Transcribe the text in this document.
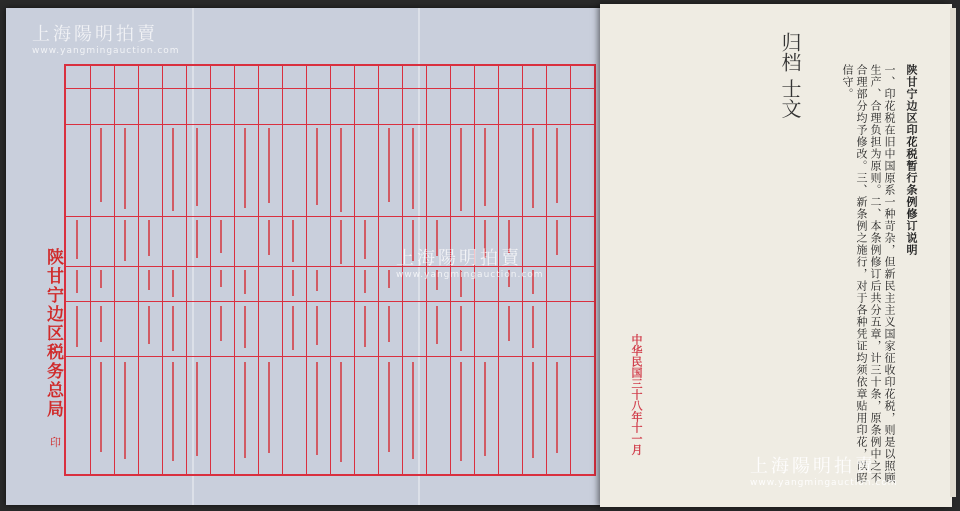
陕甘宁边区税务总局
印
上海陽明拍賣
www.yangmingauction.com
上海陽明拍賣
www.yangmingauction.com
归档 士文	陕甘宁边区印花税暂行条例修订说明
一、印花税在旧中国原系一种苛杂，但新民主主义国家征收印花税，则是以照顾生产、合理负担为原则。二、本条例修订后共分五章，计三十条，原条例中之不合理部分均予修改。三、新条例之施行，对于各种凭证均须依章贴用印花，以昭信守。
中华民国三十八年十一月
上海陽明拍賣
www.yangmingauction.com
